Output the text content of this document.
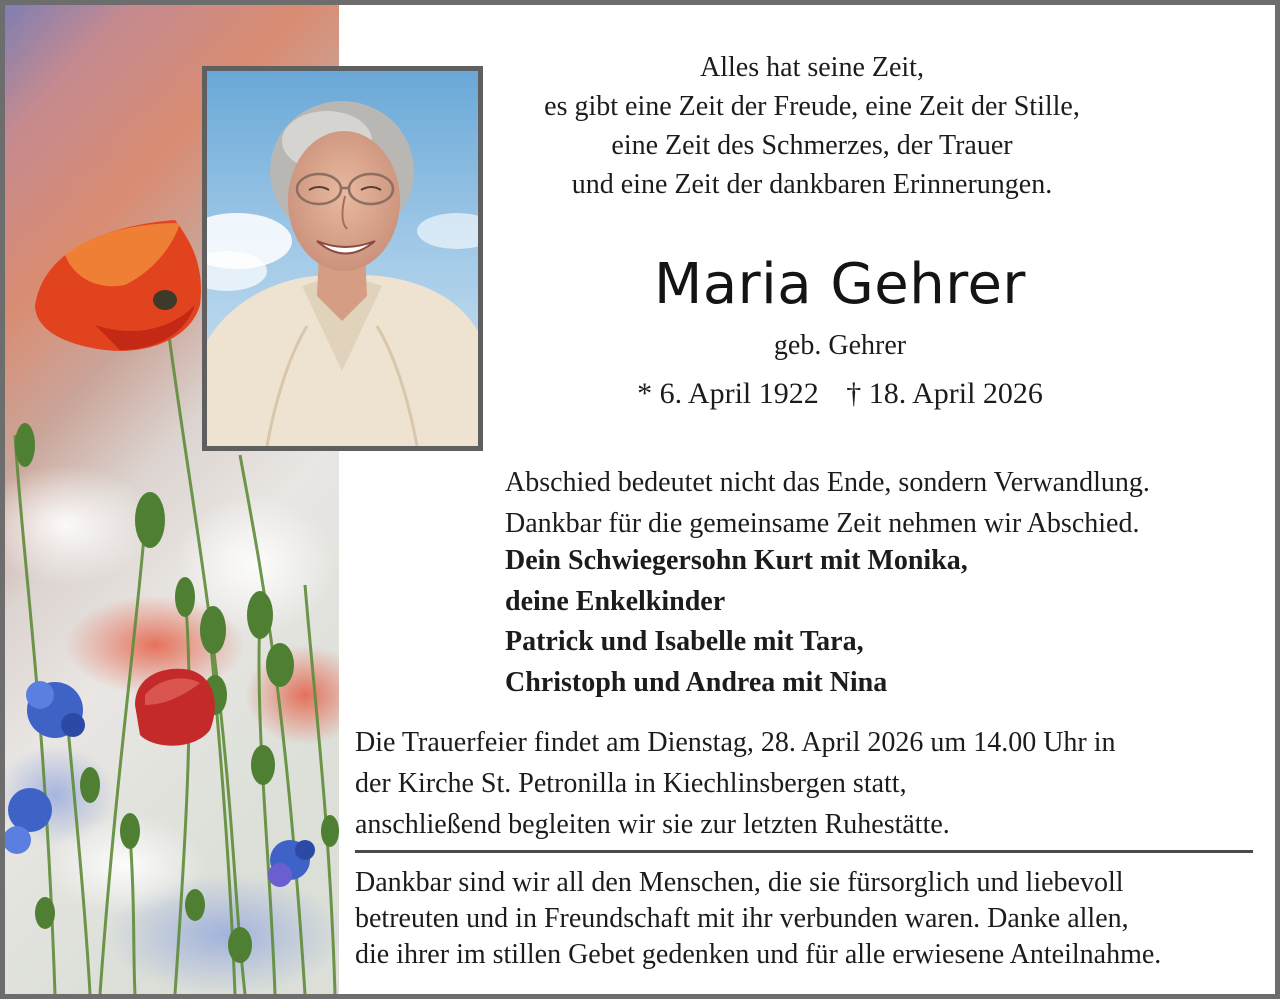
Alles hat seine Zeit,
es gibt eine Zeit der Freude, eine Zeit der Stille,
eine Zeit des Schmerzes, der Trauer
und eine Zeit der dankbaren Erinnerungen.
Maria Gehrer
geb. Gehrer
* 6. April 1922 † 18. April 2026
Abschied bedeutet nicht das Ende, sondern Verwandlung.
Dankbar für die gemeinsame Zeit nehmen wir Abschied.
Dein Schwiegersohn Kurt mit Monika,
deine Enkelkinder
Patrick und Isabelle mit Tara,
Christoph und Andrea mit Nina
Die Trauerfeier findet am Dienstag, 28. April 2026 um 14.00 Uhr in
der Kirche St. Petronilla in Kiechlinsbergen statt,
anschließend begleiten wir sie zur letzten Ruhestätte.
Dankbar sind wir all den Menschen, die sie fürsorglich und liebevoll
betreuten und in Freundschaft mit ihr verbunden waren. Danke allen,
die ihrer im stillen Gebet gedenken und für alle erwiesene Anteilnahme.
